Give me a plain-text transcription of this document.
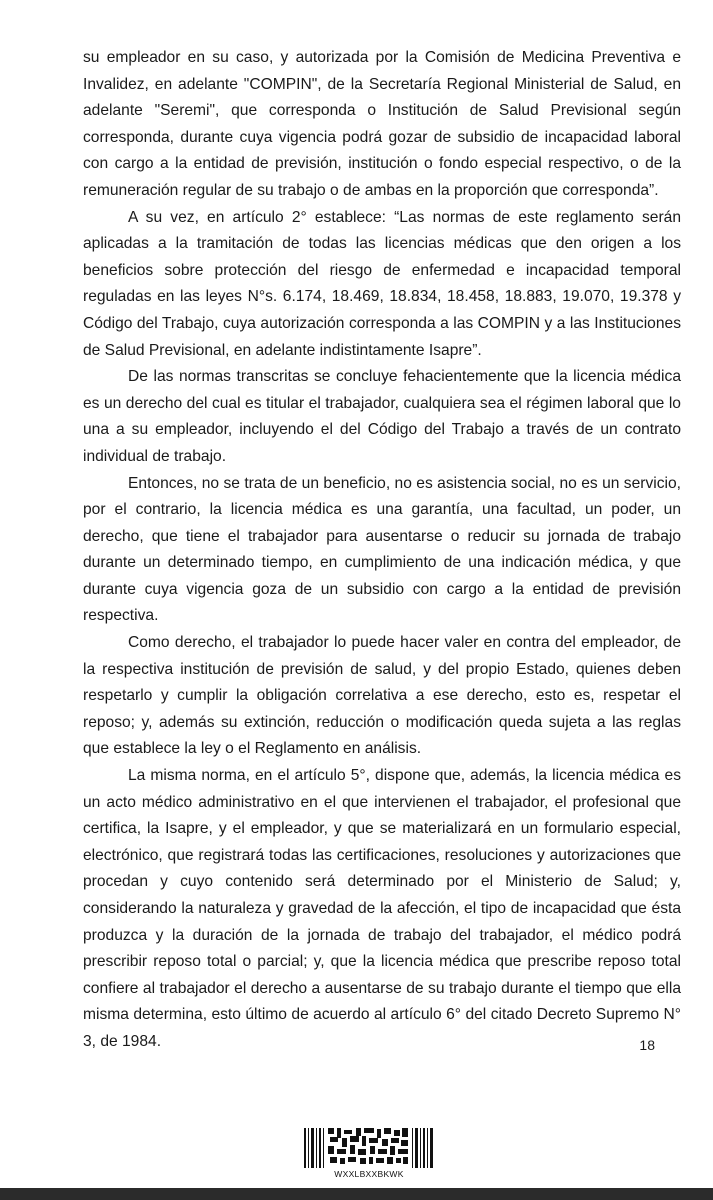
su empleador en su caso, y autorizada por la Comisión de Medicina Preventiva e Invalidez, en adelante "COMPIN", de la Secretaría Regional Ministerial de Salud, en adelante "Seremi", que corresponda o Institución de Salud Previsional según corresponda, durante cuya vigencia podrá gozar de subsidio de incapacidad laboral con cargo a la entidad de previsión, institución o fondo especial respectivo, o de la remuneración regular de su trabajo o de ambas en la proporción que corresponda”.

A su vez, en artículo 2° establece: “Las normas de este reglamento serán aplicadas a la tramitación de todas las licencias médicas que den origen a los beneficios sobre protección del riesgo de enfermedad e incapacidad temporal reguladas en las leyes N°s. 6.174, 18.469, 18.834, 18.458, 18.883, 19.070, 19.378 y Código del Trabajo, cuya autorización corresponda a las COMPIN y a las Instituciones de Salud Previsional, en adelante indistintamente Isapre”.

De las normas transcritas se concluye fehacientemente que la licencia médica es un derecho del cual es titular el trabajador, cualquiera sea el régimen laboral que lo una a su empleador, incluyendo el del Código del Trabajo a través de un contrato individual de trabajo.

Entonces, no se trata de un beneficio, no es asistencia social, no es un servicio, por el contrario, la licencia médica es una garantía, una facultad, un poder, un derecho, que tiene el trabajador para ausentarse o reducir su jornada de trabajo durante un determinado tiempo, en cumplimiento de una indicación médica, y que durante cuya vigencia goza de un subsidio con cargo a la entidad de previsión respectiva.

Como derecho, el trabajador lo puede hacer valer en contra del empleador, de la respectiva institución de previsión de salud, y del propio Estado, quienes deben respetarlo y cumplir la obligación correlativa a ese derecho, esto es, respetar el reposo; y, además su extinción, reducción o modificación queda sujeta a las reglas que establece la ley o el Reglamento en análisis.

La misma norma, en el artículo 5°, dispone que, además, la licencia médica es un acto médico administrativo en el que intervienen el trabajador, el profesional que certifica, la Isapre, y el empleador, y que se materializará en un formulario especial, electrónico, que registrará todas las certificaciones, resoluciones y autorizaciones que procedan y cuyo contenido será determinado por el Ministerio de Salud; y, considerando la naturaleza y gravedad de la afección, el tipo de incapacidad que ésta produzca y la duración de la jornada de trabajo del trabajador, el médico podrá prescribir reposo total o parcial; y, que la licencia médica que prescribe reposo total confiere al trabajador el derecho a ausentarse de su trabajo durante el tiempo que ella misma determina, esto último de acuerdo al artículo 6° del citado Decreto Supremo N° 3, de 1984.	18
WXXLBXXBKWK
